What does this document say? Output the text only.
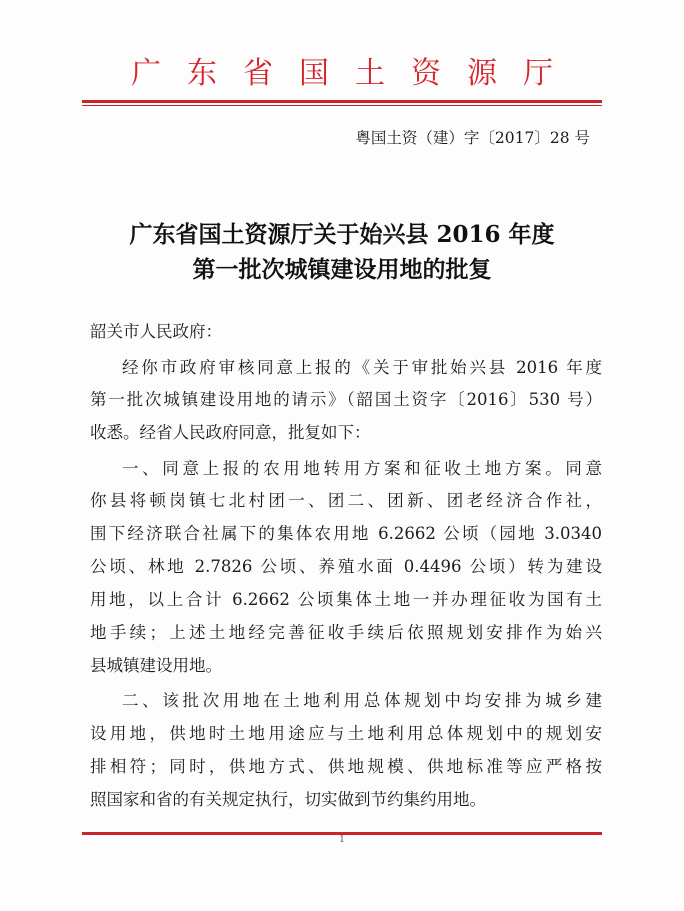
广东省国土资源厅
粤国土资（建）字〔2017〕28 号
广东省国土资源厅关于始兴县 2016 年度
第一批次城镇建设用地的批复
韶关市人民政府：
经你市政府审核同意上报的《关于审批始兴县 2016 年度
第一批次城镇建设用地的请示》（韶国土资字〔2016〕530 号）
收悉。经省人民政府同意，批复如下：
一、同意上报的农用地转用方案和征收土地方案。同意
你县将顿岗镇七北村团一、团二、团新、团老经济合作社，
围下经济联合社属下的集体农用地 6.2662 公顷（园地 3.0340
公顷、林地 2.7826 公顷、养殖水面 0.4496 公顷）转为建设
用地，以上合计 6.2662 公顷集体土地一并办理征收为国有土
地手续；上述土地经完善征收手续后依照规划安排作为始兴
县城镇建设用地。
二、该批次用地在土地利用总体规划中均安排为城乡建
设用地，供地时土地用途应与土地利用总体规划中的规划安
排相符；同时，供地方式、供地规模、供地标准等应严格按
照国家和省的有关规定执行，切实做到节约集约用地。
1
